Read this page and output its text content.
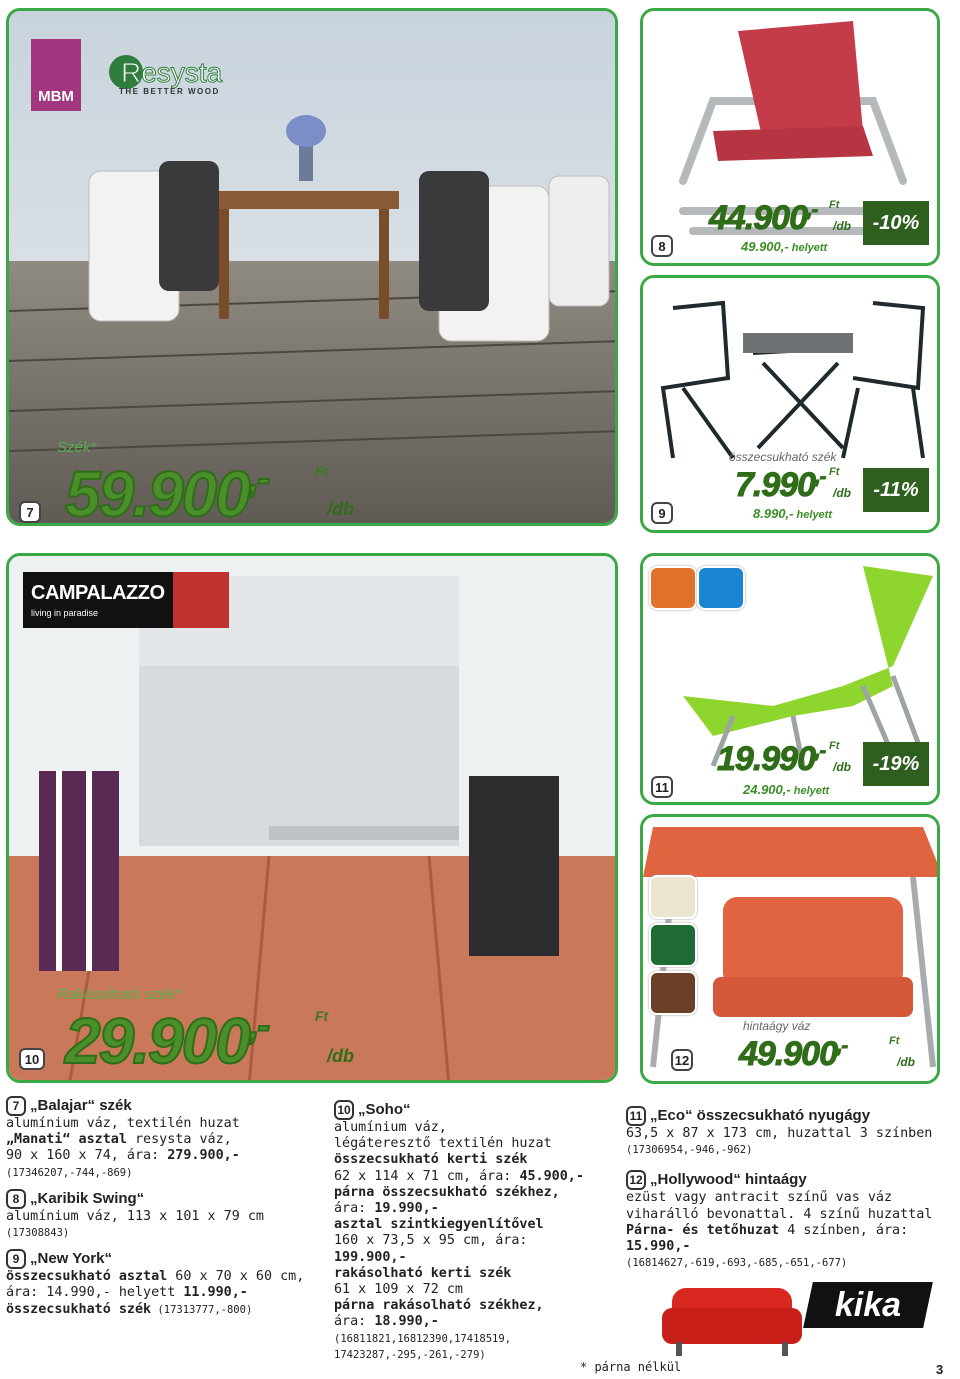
MBM
Resysta
THE BETTER WOOD
7
Szék*
59.900,-	Ft
/db
8
44.900,- Ft
/db
49.900,- helyett
-10%
összecsukható szék
9
7.990,- Ft
/db
8.990,- helyett
-11%
CAMPALAZZO
living in paradise
Rakásolható szék*
10 29.900,-	Ft
/db
11
19.990,- Ft
/db
24.900,- helyett
-19%
hintaágy váz
12 49.900,-	Ft
/db
7 „Balajar“ szék
alumínium váz, textilén huzat
„Manati“ asztal resysta váz,
90 x 160 x 74, ára: 279.900,-
(17346207,-744,-869)
8 „Karibik Swing“
alumínium váz, 113 x 101 x 79 cm
(17308843)
9 „New York“
összecsukható asztal 60 x 70 x 60 cm,
ára: 14.990,- helyett 11.990,-
összecsukható szék (17313777,-800)
10 „Soho“
alumínium váz,
légáteresztő textilén huzat
összecsukható kerti szék
62 x 114 x 71 cm, ára: 45.900,-
párna összecsukható székhez,
ára: 19.990,-
asztal szintkiegyenlítővel
160 x 73,5 x 95 cm, ára: 199.900,-
rakásolható kerti szék
61 x 109 x 72 cm
párna rakásolható székhez,
ára: 18.990,-
(16811821,16812390,17418519,
17423287,-295,-261,-279)
11 „Eco“ összecsukható nyugágy
63,5 x 87 x 173 cm, huzattal 3 színben
(17306954,-946,-962)
12 „Hollywood“ hintaágy
ezüst vagy antracit színű vas váz
viharálló bevonattal. 4 színű huzattal
Párna- és tetőhuzat 4 színben, ára: 15.990,-
(16814627,-619,-693,-685,-651,-677)
kika
* párna nélkül	3
